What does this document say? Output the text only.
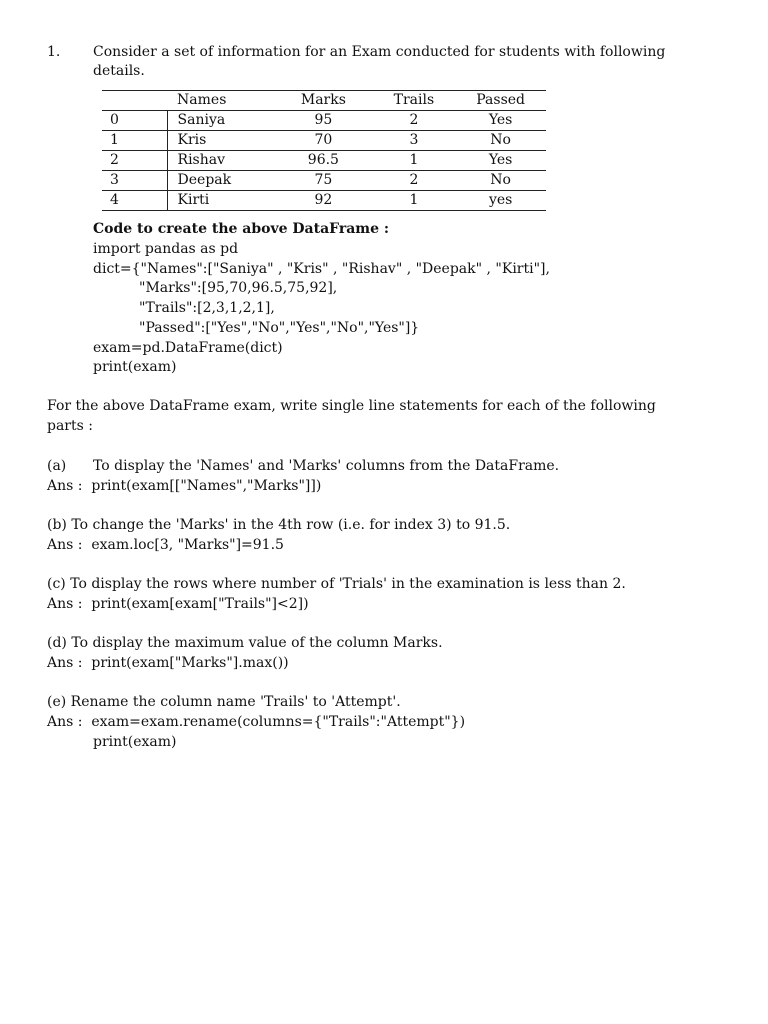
1. Consider a set of information for an Exam conducted for students with following
details.
	Names	Marks	Trails	Passed
0	Saniya	95	2	Yes
1	Kris	70	3	No
2	Rishav	96.5	1	Yes
3	Deepak	75	2	No
4	Kirti	92	1	yes
Code to create the above DataFrame :
import pandas as pd
dict={"Names":["Saniya" , "Kris" , "Rishav" , "Deepak" , "Kirti"],
"Marks":[95,70,96.5,75,92],
"Trails":[2,3,1,2,1],
"Passed":["Yes","No","Yes","No","Yes"]}
exam=pd.DataFrame(dict)
print(exam)
For the above DataFrame exam, write single line statements for each of the following
parts :
(a) To display the 'Names' and 'Marks' columns from the DataFrame.
Ans :  print(exam[["Names","Marks"]])
(b) To change the 'Marks' in the 4th row (i.e. for index 3) to 91.5.
Ans :  exam.loc[3, "Marks"]=91.5
(c) To display the rows where number of 'Trials' in the examination is less than 2.
Ans :  print(exam[exam["Trails"]<2])
(d) To display the maximum value of the column Marks.
Ans :  print(exam["Marks"].max())
(e) Rename the column name 'Trails' to 'Attempt'.
Ans :  exam=exam.rename(columns={"Trails":"Attempt"})
print(exam)
